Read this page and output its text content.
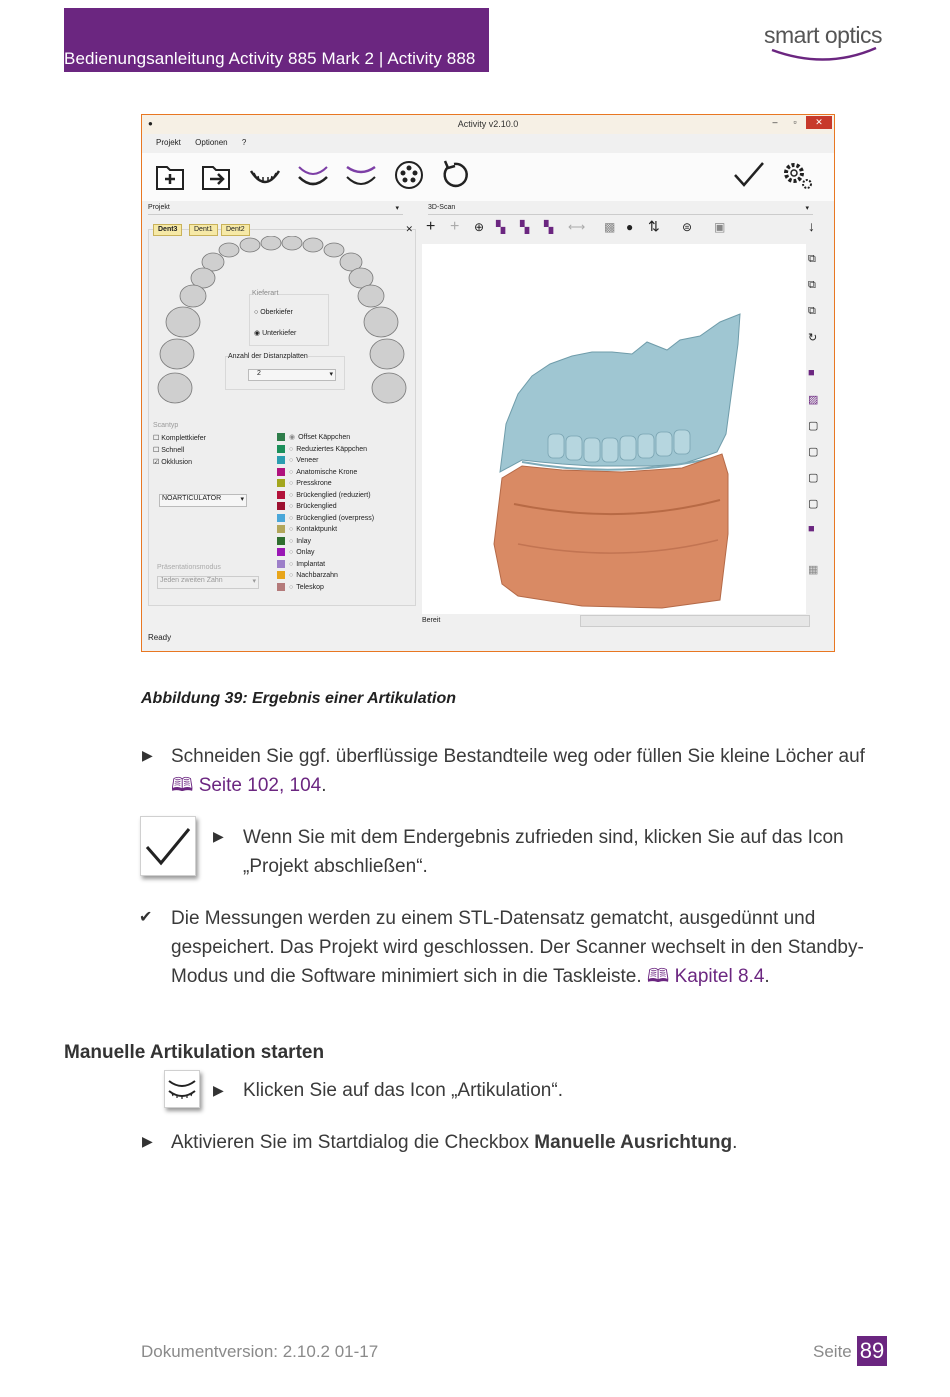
Bedienungsanleitung Activity 885 Mark 2 | Activity 888
smart optics
●	Activity v2.10.0	–	▫	✕
Projekt Optionen ?
Projekt	▾	3D-Scan	▾
Dent3	Dent1	Dent2	✕
Kieferart
○ Oberkiefer
◉ Unterkiefer
Anzahl der Distanzplatten
2	▾
Scantyp
☐ Komplettkiefer
☐ Schnell
☑ Okklusion
NOARTICULATOR	▾
Präsentationsmodus
Jeden zweiten Zahn	▾
◉ Offset Käppchen
○ Reduziertes Käppchen
○ Veneer
○ Anatomische Krone
○ Presskrone
○ Brückenglied (reduziert)
○ Brückenglied
○ Brückenglied (overpress)
○ Kontaktpunkt
○ Inlay
○ Onlay
○ Implantat
○ Nachbarzahn
○ Teleskop
+ + ⊕ ▚ ▚ ▚ ⟷ ▩ ● ⇅ ⊜ ▣	↓
⧉
⧉
⧉
↻
■
▨
▢
▢
▢
▢
■
▦
Bereit
Ready
Abbildung 39: Ergebnis einer Artikulation
▶ Schneiden Sie ggf. überflüssige Bestandteile weg oder füllen Sie kleine Löcher auf
🕮 Seite 102, 104.
▶ Wenn Sie mit dem Endergebnis zufrieden sind, klicken Sie auf das Icon
„Projekt abschließen“.
✔ Die Messungen werden zu einem STL-Datensatz gematcht, ausgedünnt und
gespeichert. Das Projekt wird geschlossen. Der Scanner wechselt in den Standby-
Modus und die Software minimiert sich in die Taskleiste. 🕮 Kapitel 8.4.
Manuelle Artikulation starten
▶ Klicken Sie auf das Icon „Artikulation“.
▶ Aktivieren Sie im Startdialog die Checkbox Manuelle Ausrichtung.
Dokumentversion: 2.10.2 01-17	Seite 89
